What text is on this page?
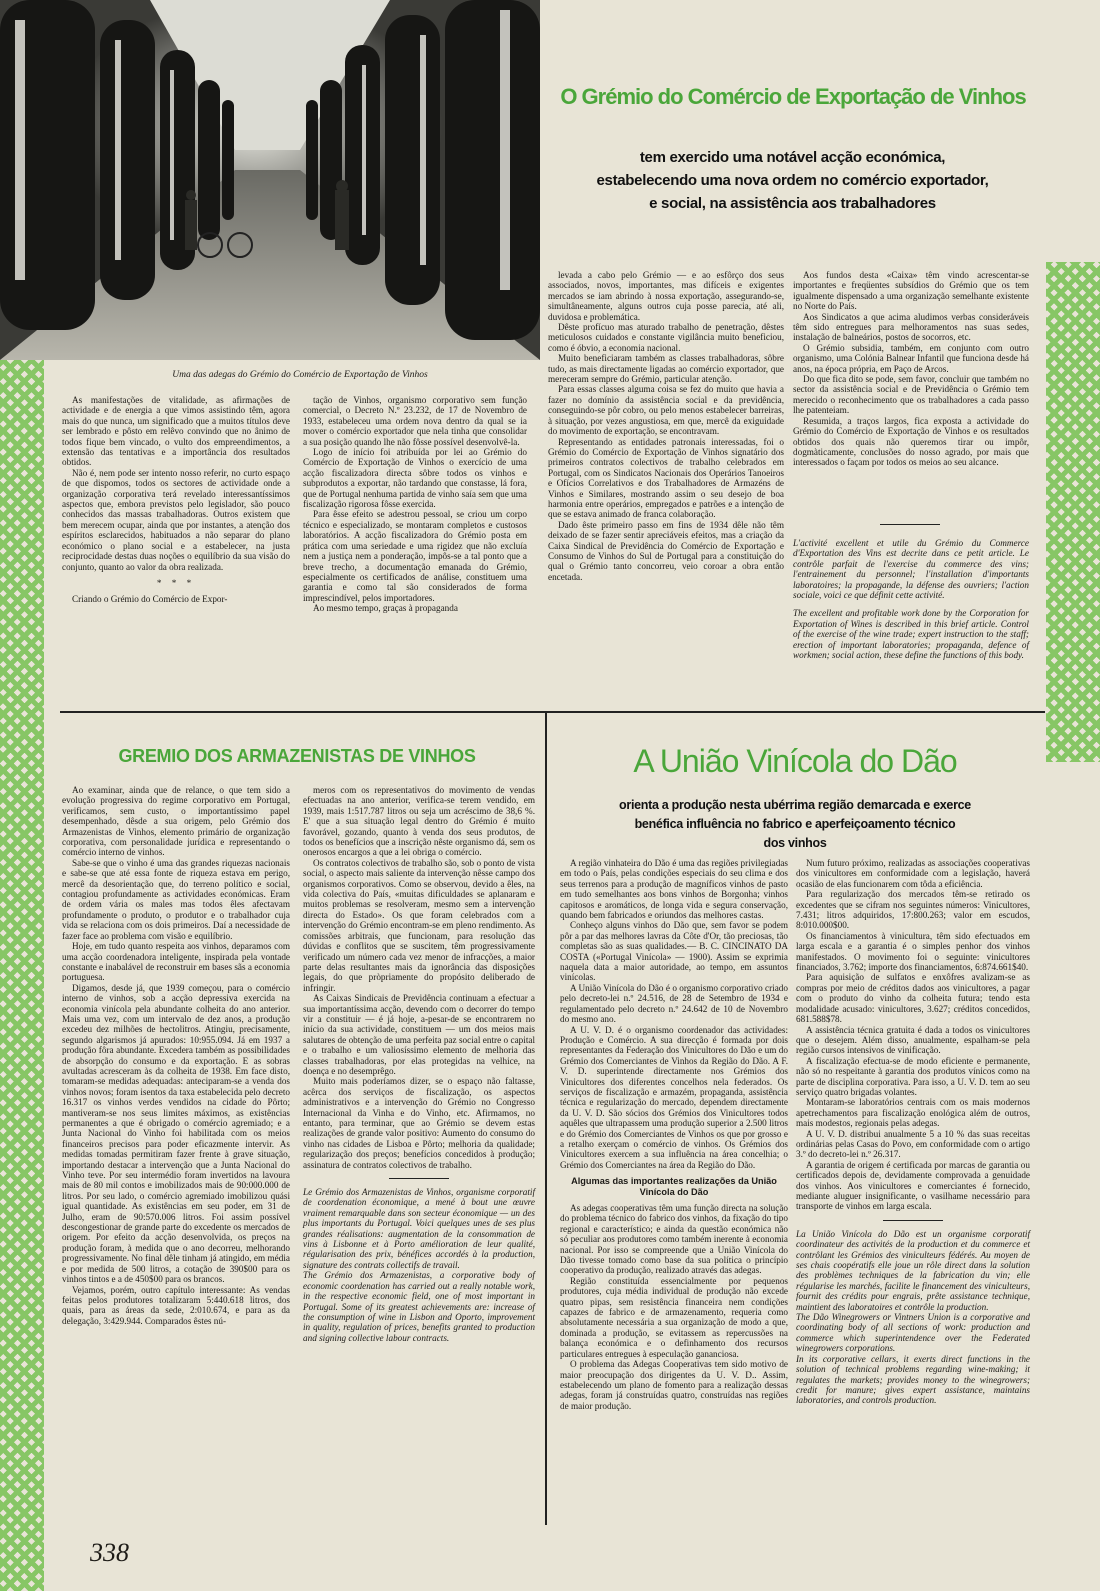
Uma das adegas do Grémio do Comércio de Exportação de Vinhos
O Grémio do Comércio de Exportação de Vinhos
tem exercido uma notável acção económica,
estabelecendo uma nova ordem no comércio exportador,
e social, na assistência aos trabalhadores

As manifestações de vitalidade, as afirmações de actividade e de energia a que vimos assistindo têm, agora mais do que nunca, um significado que a muitos títulos deve ser lembrado e pôsto em relêvo convindo que no ânimo de todos fique bem vincado, o vulto dos empreendimentos, a extensão das tentativas e a importância dos resultados obtidos.

Não é, nem pode ser intento nosso referir, no curto espaço de que dispomos, todos os sectores de actividade onde a organização corporativa terá revelado interessantíssimos aspectos que, embora previstos pelo legislador, são pouco conhecidos das massas trabalhadoras. Outros existem que bem merecem ocupar, ainda que por instantes, a atenção dos espíritos esclarecidos, habituados a não separar do plano económico o plano social e a estabelecer, na justa reciprocidade destas duas noções o equilíbrio da sua visão do conjunto, quanto ao valor da obra realizada.

* * *

Criando o Grémio do Comércio de Expor-

tação de Vinhos, organismo corporativo sem função comercial, o Decreto N.º 23.232, de 17 de Novembro de 1933, estabeleceu uma ordem nova dentro da qual se ia mover o comércio exportador que nela tinha que consolidar a sua posição quando lhe não fôsse possível desenvolvê-la.

Logo de início foi atribuída por lei ao Grémio do Comércio de Exportação de Vinhos o exercício de uma acção fiscalizadora directa sôbre todos os vinhos e subprodutos a exportar, não tardando que constasse, lá fora, que de Portugal nenhuma partida de vinho saía sem que uma fiscalização rigorosa fôsse exercida.

Para êsse efeito se adestrou pessoal, se criou um corpo técnico e especializado, se montaram completos e custosos laboratórios. A acção fiscalizadora do Grémio posta em prática com uma seriedade e uma rigidez que não excluía nem a justiça nem a ponderação, impôs-se a tal ponto que a breve trecho, a documentação emanada do Grémio, especialmente os certificados de análise, constituem uma garantia e como tal são considerados de forma imprescindível, pelos importadores.

Ao mesmo tempo, graças à propaganda

levada a cabo pelo Grémio — e ao esfôrço dos seus associados, novos, importantes, mas difíceis e exigentes mercados se iam abrindo à nossa exportação, assegurando-se, simultâneamente, alguns outros cuja posse parecia, até ali, duvidosa e problemática.

Dêste profícuo mas aturado trabalho de penetração, dêstes meticulosos cuidados e constante vigilância muito beneficiou, como é óbvio, a economia nacional.

Muito beneficiaram também as classes trabalhadoras, sôbre tudo, as mais directamente ligadas ao comércio exportador, que mereceram sempre do Grémio, particular atenção.

Para essas classes alguma coisa se fez do muito que havia a fazer no domínio da assistência social e da previdência, conseguindo-se pôr cobro, ou pelo menos estabelecer barreiras, à situação, por vezes angustiosa, em que, mercê da exiguidade do movimento de exportação, se encontravam.

Representando as entidades patronais interessadas, foi o Grémio do Comércio de Exportação de Vinhos signatário dos primeiros contratos colectivos de trabalho celebrados em Portugal, com os Sindicatos Nacionais dos Operários Tanoeiros e Ofícios Correlativos e dos Trabalhadores de Armazéns de Vinhos e Similares, mostrando assim o seu desejo de boa harmonia entre operários, empregados e patrões e a intenção de que se estava animado de franca colaboração.

Dado êste primeiro passo em fins de 1934 dêle não têm deixado de se fazer sentir apreciáveis efeitos, mas a criação da Caixa Sindical de Previdência do Comércio de Exportação e Consumo de Vinhos do Sul de Portugal para a constituição do qual o Grémio tanto concorreu, veio coroar a obra então encetada.

Aos fundos desta «Caixa» têm vindo acrescentar-se importantes e freqüentes subsídios do Grémio que os tem igualmente dispensado a uma organização semelhante existente no Norte do País.

Aos Sindicatos a que acima aludimos verbas consideráveis têm sido entregues para melhoramentos nas suas sedes, instalação de balneários, postos de socorros, etc.

O Grémio subsidia, também, em conjunto com outro organismo, uma Colónia Balnear Infantil que funciona desde há anos, na época própria, em Paço de Arcos.

Do que fica dito se pode, sem favor, concluir que também no sector da assistência social e de Previdência o Grémio tem merecido o reconhecimento que os trabalhadores a cada passo lhe patenteiam.

Resumida, a traços largos, fica exposta a actividade do Grémio do Comércio de Exportação de Vinhos e os resultados obtidos dos quais não queremos tirar ou impôr, dogmàticamente, conclusões do nosso agrado, por mais que interessados o façam por todos os meios ao seu alcance.

L'activité excellent et utile du Grémio du Commerce d'Exportation des Vins est decrite dans ce petit article. Le contrôle parfait de l'exercise du commerce des vins; l'entrainement du personnel; l'installation d'importants laboratoires; la propagande, la défense des ouvriers; l'action sociale, voici ce que définit cette activité.

The excellent and profitable work done by the Corporation for Exportation of Wines is described in this brief article. Control of the exercise of the wine trade; expert instruction to the staff; erection of important laboratories; propaganda, defence of workmen; social action, these define the functions of this body.

GREMIO DOS ARMAZENISTAS DE VINHOS

Ao examinar, ainda que de relance, o que tem sido a evolução progressiva do regime corporativo em Portugal, verificamos, sem custo, o importantíssimo papel desempenhado, dêsde a sua origem, pelo Grémio dos Armazenistas de Vinhos, elemento primário de organização corporativa, com personalidade jurídica e representando o comércio interno de vinhos.

Sabe-se que o vinho é uma das grandes riquezas nacionais e sabe-se que até essa fonte de riqueza estava em perigo, mercê da desorientação que, do terreno político e social, contagiou profundamente as actividades económicas. Eram de ordem vária os males mas todos êles afectavam profundamente o produto, o produtor e o trabalhador cuja vida se relaciona com os dois primeiros. Daí a necessidade de fazer face ao problema com visão e equilíbrio.

Hoje, em tudo quanto respeita aos vinhos, deparamos com uma acção coordenadora inteligente, inspirada pela vontade constante e inabalável de reconstruir em bases sãs a economia portuguesa.

Digamos, desde já, que 1939 começou, para o comércio interno de vinhos, sob a acção depressiva exercida na economia vinícola pela abundante colheita do ano anterior. Mais uma vez, com um intervalo de dez anos, a produção excedeu dez milhões de hectolitros. Atingiu, precisamente, segundo algarismos já apurados: 10:955.094. Já em 1937 a produção fôra abundante. Excedera também as possibilidades de absorpção do consumo e da exportação. E as sobras avultadas acresceram às da colheita de 1938. Em face disto, tomaram-se medidas adequadas: anteciparam-se a venda dos vinhos novos; foram isentos da taxa estabelecida pelo decreto 16.317 os vinhos verdes vendidos na cidade do Pôrto; mantiveram-se nos seus limites máximos, as existências permanentes a que é obrigado o comércio agremiado; e a Junta Nacional do Vinho foi habilitada com os meios financeiros precisos para poder eficazmente intervir. As medidas tomadas permitiram fazer frente à grave situação, importando destacar a intervenção que a Junta Nacional do Vinho teve. Por seu intermédio foram invertidos na lavoura mais de 80 mil contos e imobilizados mais de 90:000.000 de litros. Por seu lado, o comércio agremiado imobilizou quási igual quantidade. As existências em seu poder, em 31 de Julho, eram de 90:570.006 litros. Foi assim possível descongestionar de grande parte do excedente os mercados de origem. Por efeito da acção desenvolvida, os preços na produção foram, à medida que o ano decorreu, melhorando progressivamente. No final dêle tinham já atingido, em média e por medida de 500 litros, a cotação de 390$00 para os vinhos tintos e a de 450$00 para os brancos.

Vejamos, porém, outro capítulo interessante: As vendas feitas pelos produtores totalizaram 5:440.618 litros, dos quais, para as áreas da sede, 2:010.674, e para as da delegação, 3:429.944. Comparados êstes nú-

meros com os representativos do movimento de vendas efectuadas na ano anterior, verifica-se terem vendido, em 1939, mais 1:517.787 litros ou seja um acréscimo de 38,6 %. E' que a sua situação legal dentro do Grémio é muito favorável, gozando, quanto à venda dos seus produtos, de todos os benefícios que a inscrição nêste organismo dá, sem os onerosos encargos a que a lei obriga o comércio.

Os contratos colectivos de trabalho são, sob o ponto de vista social, o aspecto mais saliente da intervenção nêsse campo dos organismos corporativos. Como se observou, devido a êles, na vida colectiva do País, «muitas dificuldades se aplanaram e muitos problemas se resolveram, mesmo sem a intervenção directa do Estado». Os que foram celebrados com a intervenção do Grémio encontram-se em pleno rendimento. As comissões arbitrais, que funcionam, para resolução das dúvidas e conflitos que se suscitem, têm progressivamente verificado um número cada vez menor de infracções, a maior parte delas resultantes mais da ignorância das disposições legais, do que pròpriamente do propósito deliberado de infringir.

As Caixas Sindicais de Previdência continuam a efectuar a sua importantíssima acção, devendo com o decorrer do tempo vir a constituir — é já hoje, a-pesar-de se encontrarem no início da sua actividade, constituem — um dos meios mais salutares de obtenção de uma perfeita paz social entre o capital e o trabalho e um valiosíssimo elemento de melhoria das classes trabalhadoras, por elas protegidas na velhice, na doença e no desemprêgo.

Muito mais poderíamos dizer, se o espaço não faltasse, acêrca dos serviços de fiscalização, os aspectos administrativos e a intervenção do Grémio no Congresso Internacional da Vinha e do Vinho, etc. Afirmamos, no entanto, para terminar, que ao Grémio se devem estas realizações de grande valor positivo: Aumento do consumo do vinho nas cidades de Lisboa e Pôrto; melhoria da qualidade; regularização dos preços; benefícios concedidos à produção; assinatura de contratos colectivos de trabalho.

Le Grémio dos Armazenistas de Vinhos, organisme corporatif de coordenation économique, a mené à bout une œuvre vraiment remarquable dans son secteur économique — un des plus importants du Portugal. Voici quelques unes de ses plus grandes réalisations: augmentation de la consommation de vins à Lisbonne et à Porto amélioration de leur qualité, régularisation des prix, bénéfices accordés à la production, signature des contrats collectifs de travail.

The Grémio dos Armazenistas, a corporative body of economic coordenation has carried out a really notable work, in the respective economic field, one of most important in Portugal. Some of its greatest achievements are: increase of the consumption of wine in Lisbon and Oporto, improvement in quality, regulation of prices, benefits granted to production and signing collective labour contracts.

A União Vinícola do Dão
orienta a produção nesta ubérrima região demarcada e exerce
benéfica influência no fabrico e aperfeiçoamento técnico
dos vinhos

A região vinhateira do Dão é uma das regiões privilegiadas em todo o País, pelas condições especiais do seu clima e dos seus terrenos para a produção de magníficos vinhos de pasto em tudo semelhantes aos bons vinhos de Borgonha; vinhos capitosos e aromáticos, de longa vida e segura conservação, quando bem fabricados e oriundos das melhores castas.

Conheço alguns vinhos do Dão que, sem favor se podem pôr a par das melhores lavras da Côte d'Or, tão preciosas, tão completas são as suas qualidades.— B. C. CINCINATO DA COSTA («Portugal Vinícola» — 1900). Assim se exprimia naquela data a maior autoridade, ao tempo, em assuntos vinícolas.

A União Vinícola do Dão é o organismo corporativo criado pelo decreto-lei n.º 24.516, de 28 de Setembro de 1934 e regulamentado pelo decreto n.º 24.642 de 10 de Novembro do mesmo ano.

A U. V. D. é o organismo coordenador das actividades: Produção e Comércio. A sua direcção é formada por dois representantes da Federação dos Vinicultores do Dão e um do Grémio dos Comerciantes de Vinhos da Região do Dão. A F. V. D. superintende directamente nos Grémios dos Vinicultores dos diferentes concelhos nela federados. Os serviços de fiscalização e armazém, propaganda, assistência técnica e regularização do mercado, dependem directamente da U. V. D. São sócios dos Grémios dos Vinicultores todos aquêles que ultrapassem uma produção superior a 2.500 litros e do Grémio dos Comerciantes de Vinhos os que por grosso e a retalho exerçam o comércio de vinhos. Os Grémios dos Vinicultores exercem a sua influência na área concelhia; o Grémio dos Comerciantes na área da Região do Dão.

Algumas das importantes realizações da União Vinícola do Dão

As adegas cooperativas têm uma função directa na solução do problema técnico do fabrico dos vinhos, da fixação do tipo regional e característico; e ainda da questão económica não só peculiar aos produtores como também inerente à economia nacional. Por isso se compreende que a União Vinícola do Dão tivesse tomado como base da sua política o princípio cooperativo da produção, realizado através das adegas.

Região constituída essencialmente por pequenos produtores, cuja média individual de produção não excede quatro pipas, sem resistência financeira nem condições capazes de fabrico e de armazenamento, requeria como absolutamente necessária a sua organização de modo a que, dominada a produção, se evitassem as repercussões na balança económica e o definhamento dos recursos particulares entregues à especulação gananciosa.

O problema das Adegas Cooperativas tem sido motivo de maior preocupação dos dirigentes da U. V. D.. Assim, estabelecendo um plano de fomento para a realização dessas adegas, foram já construídas quatro, construídas nas regiões de maior produção.

Num futuro próximo, realizadas as associações cooperativas dos vinicultores em conformidade com a legislação, haverá ocasião de elas funcionarem com tôda a eficiência.

Para regularização dos mercados têm-se retirado os excedentes que se cifram nos seguintes números: Vinicultores, 7.431; litros adquiridos, 17:800.263; valor em escudos, 8:010.000$00.

Os financiamentos à vinicultura, têm sido efectuados em larga escala e a garantia é o simples penhor dos vinhos manifestados. O movimento foi o seguinte: vinicultores financiados, 3.762; importe dos financiamentos, 6:874.661$40.

Para aquisição de sulfatos e enxôfres avalizam-se as compras por meio de créditos dados aos vinicultores, a pagar com o produto do vinho da colheita futura; tendo esta modalidade acusado: vinicultores, 3.627; créditos concedidos, 681.588$78.

A assistência técnica gratuita é dada a todos os vinicultores que o desejem. Além disso, anualmente, espalham-se pela região cursos intensivos de vinificação.

A fiscalização efectua-se de modo eficiente e permanente, não só no respeitante à garantia dos produtos vínicos como na parte de disciplina corporativa. Para isso, a U. V. D. tem ao seu serviço quatro brigadas volantes.

Montaram-se laboratórios centrais com os mais modernos apetrechamentos para fiscalização enológica além de outros, mais modestos, regionais pelas adegas.

A U. V. D. distribui anualmente 5 a 10 % das suas receitas ordinárias pelas Casas do Povo, em conformidade com o artigo 3.º do decreto-lei n.º 26.317.

A garantia de origem é certificada por marcas de garantia ou certificados depois de, devidamente comprovada a genuidade dos vinhos. Aos vinicultores e comerciantes é fornecido, mediante aluguer insignificante, o vasilhame necessário para transporte de vinhos em larga escala.

La União Vinícola do Dão est un organisme corporatif coordinateur des activités de la production et du commerce et contrôlant les Grémios des viniculteurs fédérés. Au moyen de ses chais coopératifs elle joue un rôle direct dans la solution des problèmes techniques de la fabrication du vin; elle régularise les marchés, facilite le financement des viniculteurs, fournit des crédits pour engrais, prête assistance technique, maintient des laboratoires et contrôle la production.

The Dão Winegrowers or Vintners Union is a corporative and coordinating body of all sections of work: production and commerce which superintendence over the Federated winegrowers corporations.

In its corporative cellars, it exerts direct functions in the solution of technical problems regarding wine-making; it regulates the markets; provides money to the winegrowers; credit for manure; gives expert assistance, maintains laboratories, and controls production.

338
